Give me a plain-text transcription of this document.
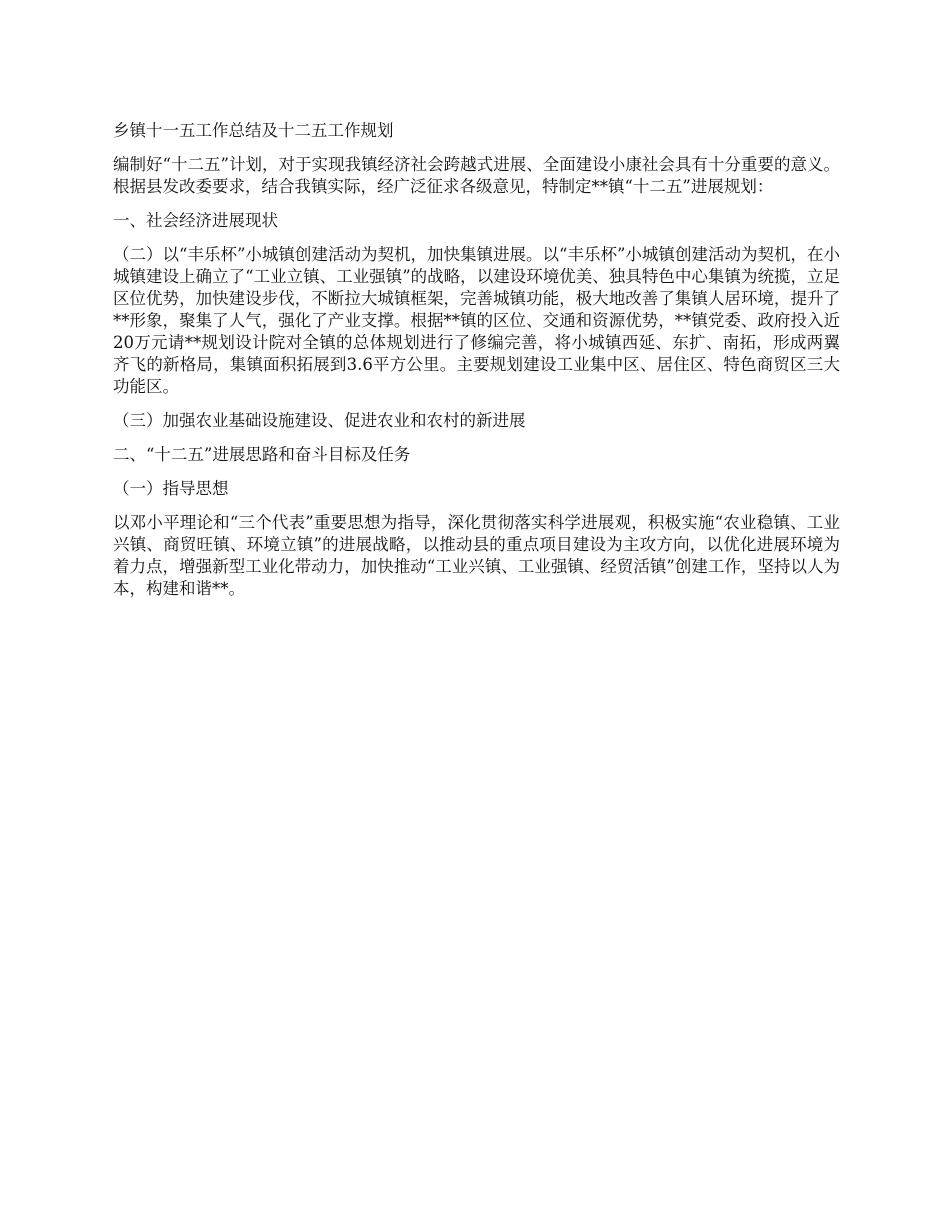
乡镇十一五工作总结及十二五工作规划

编制好“十二五”计划，对于实现我镇经济社会跨越式进展、全面建设小康社会具有十分重要的意义。根据县发改委要求，结合我镇实际，经广泛征求各级意见，特制定**镇“十二五”进展规划：

一、社会经济进展现状

（二）以“丰乐杯”小城镇创建活动为契机，加快集镇进展。以“丰乐杯”小城镇创建活动为契机，在小城镇建设上确立了“工业立镇、工业强镇”的战略，以建设环境优美、独具特色中心集镇为统揽，立足区位优势，加快建设步伐，不断拉大城镇框架，完善城镇功能，极大地改善了集镇人居环境，提升了**形象，聚集了人气，强化了产业支撑。根据**镇的区位、交通和资源优势，**镇党委、政府投入近20万元请**规划设计院对全镇的总体规划进行了修编完善，将小城镇西延、东扩、南拓，形成两翼齐飞的新格局，集镇面积拓展到3.6平方公里。主要规划建设工业集中区、居住区、特色商贸区三大功能区。

（三）加强农业基础设施建设、促进农业和农村的新进展

二、“十二五”进展思路和奋斗目标及任务

（一）指导思想

以邓小平理论和“三个代表”重要思想为指导，深化贯彻落实科学进展观，积极实施“农业稳镇、工业兴镇、商贸旺镇、环境立镇”的进展战略，以推动县的重点项目建设为主攻方向，以优化进展环境为着力点，增强新型工业化带动力，加快推动“工业兴镇、工业强镇、经贸活镇”创建工作，坚持以人为本，构建和谐**。
